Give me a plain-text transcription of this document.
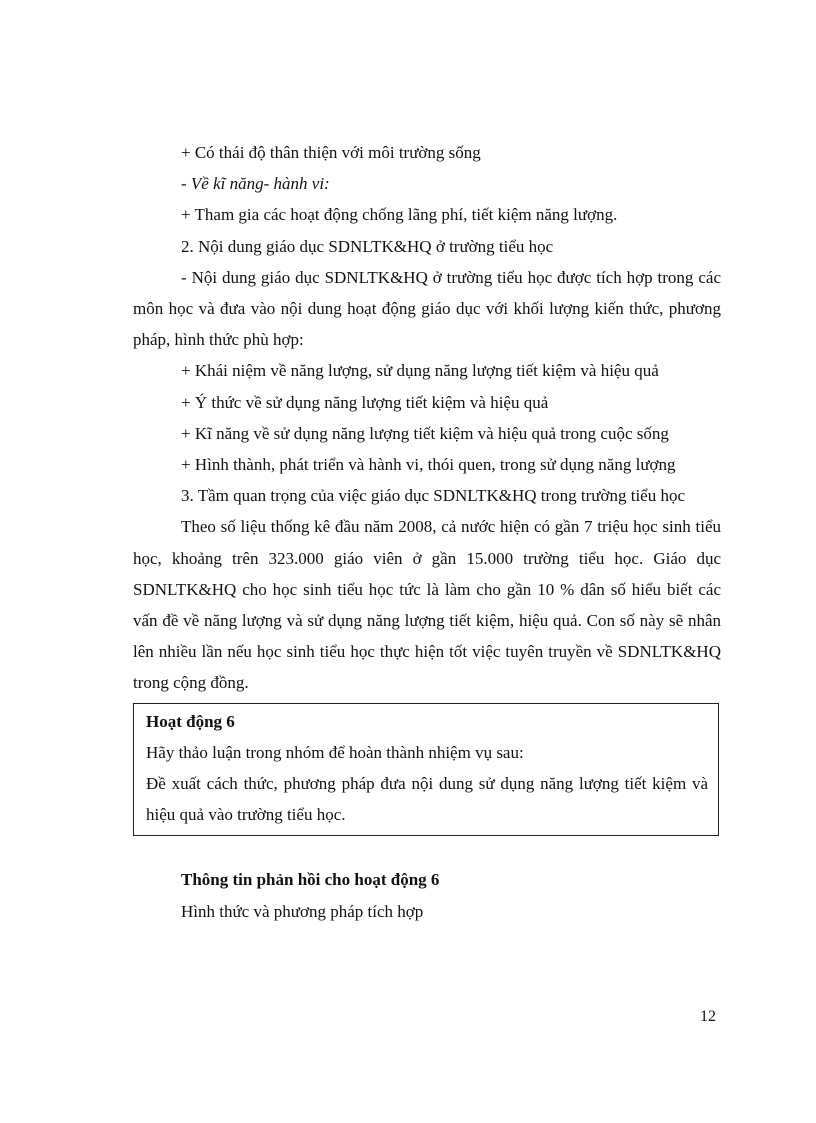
+ Có thái độ thân thiện với môi trường sống

- Về kĩ năng- hành vi:

+ Tham gia các hoạt động chống lãng phí, tiết kiệm năng lượng.

2. Nội dung giáo dục SDNLTK&HQ ở trường tiểu học

- Nội dung giáo dục SDNLTK&HQ ở trường tiểu học được tích hợp trong các môn học và đưa vào nội dung hoạt động giáo dục với khối lượng kiến thức, phương pháp, hình thức phù hợp:

+ Khái niệm về năng lượng, sử dụng năng lượng tiết kiệm và hiệu quả

+ Ý thức về sử dụng năng lượng tiết kiệm và hiệu quả

+ Kĩ năng về sử dụng năng lượng tiết kiệm và hiệu quả trong cuộc sống

+ Hình thành, phát triển và hành vi, thói quen, trong sử dụng năng lượng

3. Tầm quan trọng của việc giáo dục SDNLTK&HQ trong trường tiểu học

Theo số liệu thống kê đầu năm 2008, cả nước hiện có gần 7 triệu học sinh tiểu học, khoảng trên 323.000 giáo viên ở gần 15.000 trường tiểu học. Giáo dục SDNLTK&HQ cho học sinh tiểu học tức là làm cho gần 10 % dân số hiểu biết các vấn đề về năng lượng và sử dụng năng lượng tiết kiệm, hiệu quả. Con số này sẽ nhân lên nhiều lần nếu học sinh tiểu học thực hiện tốt việc tuyên truyền về SDNLTK&HQ trong cộng đồng.

Hoạt động 6

Hãy thảo luận trong nhóm để hoàn thành nhiệm vụ sau:

Đề xuất cách thức, phương pháp đưa nội dung sử dụng năng lượng tiết kiệm và hiệu quả vào trường tiểu học.

Thông tin phản hồi cho hoạt động 6

Hình thức và phương pháp tích hợp

12
